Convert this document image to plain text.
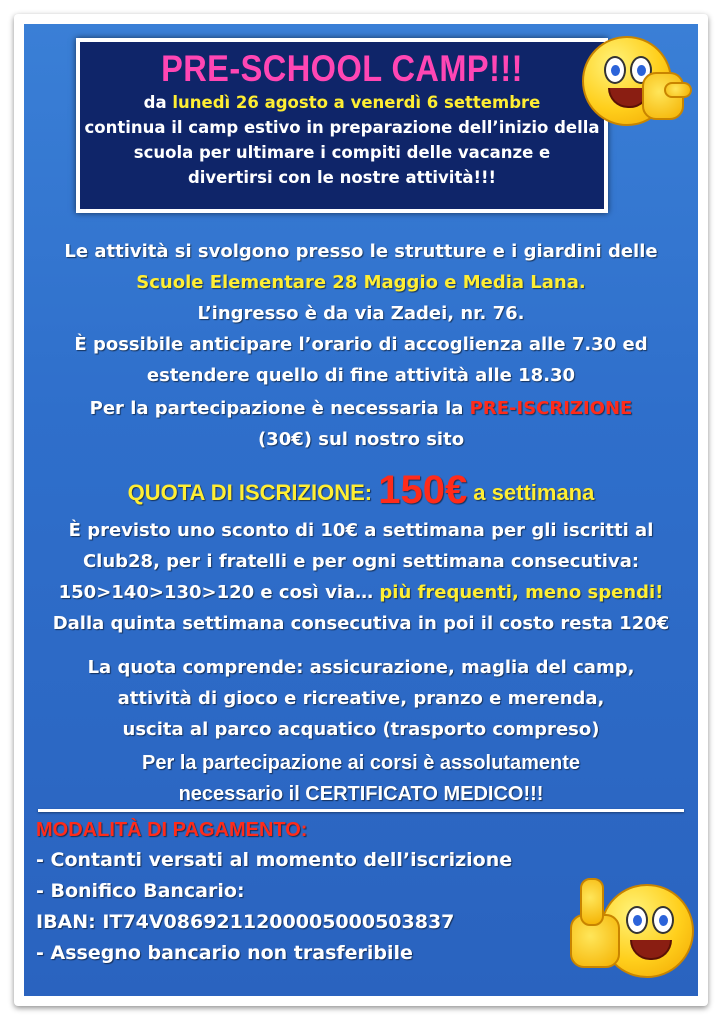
PRE-SCHOOL CAMP!!!
da lunedì 26 agosto a venerdì 6 settembre
continua il camp estivo in preparazione dell’inizio della
scuola per ultimare i compiti delle vacanze e
divertirsi con le nostre attività!!!
Le attività si svolgono presso le strutture e i giardini delle
Scuole Elementare 28 Maggio e Media Lana.
L’ingresso è da via Zadei, nr. 76.
È possibile anticipare l’orario di accoglienza alle 7.30 ed
estendere quello di fine attività alle 18.30
Per la partecipazione è necessaria la PRE-ISCRIZIONE
(30€) sul nostro sito
QUOTA DI ISCRIZIONE: 150€ a settimana
È previsto uno sconto di 10€ a settimana per gli iscritti al
Club28, per i fratelli e per ogni settimana consecutiva:
150>140>130>120 e così via… più frequenti, meno spendi!
Dalla quinta settimana consecutiva in poi il costo resta 120€
La quota comprende: assicurazione, maglia del camp,
attività di gioco e ricreative, pranzo e merenda,
uscita al parco acquatico (trasporto compreso)
Per la partecipazione ai corsi è assolutamente
necessario il CERTIFICATO MEDICO!!!
MODALITÀ DI PAGAMENTO:
- Contanti versati al momento dell’iscrizione
- Bonifico Bancario:
IBAN: IT74V0869211200005000503837
- Assegno bancario non trasferibile
